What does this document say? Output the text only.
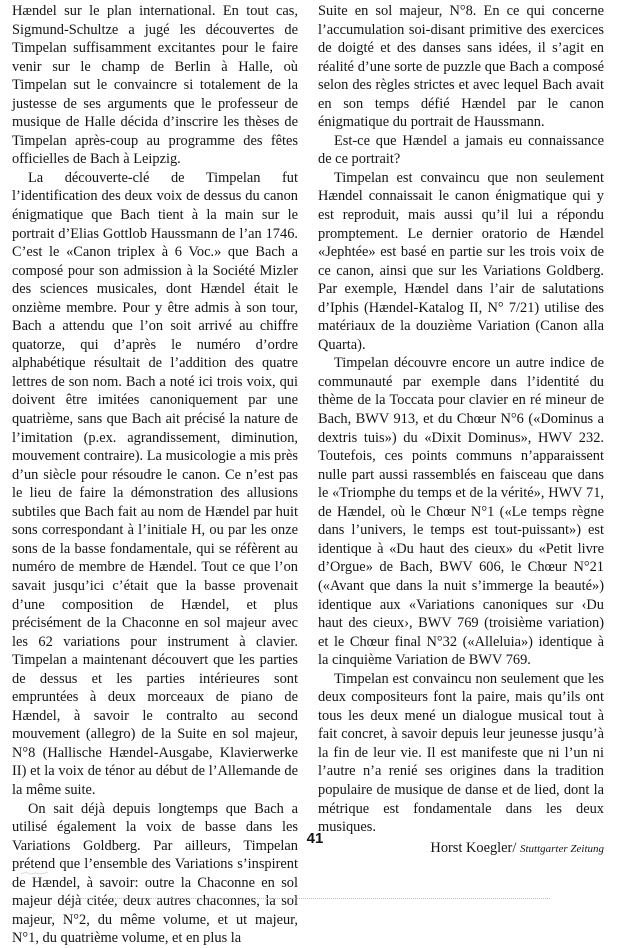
Hændel sur le plan international. En tout cas, Sigmund-Schultze a jugé les découvertes de Timpelan suffisamment excitantes pour le faire venir sur le champ de Berlin à Halle, où Timpelan sut le convaincre si totalement de la justesse de ses arguments que le professeur de musique de Halle décida d’inscrire les thèses de Timpelan après-coup au programme des fêtes officielles de Bach à Leipzig.

La découverte-clé de Timpelan fut l’identification des deux voix de dessus du canon énigmatique que Bach tient à la main sur le portrait d’Elias Gottlob Haussmann de l’an 1746. C’est le «Canon triplex à 6 Voc.» que Bach a composé pour son admission à la Société Mizler des sciences musicales, dont Hændel était le onzième membre. Pour y être admis à son tour, Bach a attendu que l’on soit arrivé au chiffre quatorze, qui d’après le numéro d’ordre alphabétique résultait de l’addition des quatre lettres de son nom. Bach a noté ici trois voix, qui doivent être imitées canoniquement par une quatrième, sans que Bach ait précisé la nature de l’imitation (p.ex. agrandissement, diminution, mouvement contraire). La musicologie a mis près d’un siècle pour résoudre le canon. Ce n’est pas le lieu de faire la démonstration des allusions subtiles que Bach fait au nom de Hændel par huit sons correspondant à l’initiale H, ou par les onze sons de la basse fondamentale, qui se réfèrent au numéro de membre de Hændel. Tout ce que l’on savait jusqu’ici c’était que la basse provenait d’une composition de Hændel, et plus précisément de la Chaconne en sol majeur avec les 62 variations pour instrument à clavier. Timpelan a maintenant découvert que les parties de dessus et les parties intérieures sont empruntées à deux morceaux de piano de Hændel, à savoir le contralto au second mouvement (allegro) de la Suite en sol majeur, N°8 (Hallische Hændel-Ausgabe, Klavierwerke II) et la voix de ténor au début de l’Allemande de la même suite.

On sait déjà depuis longtemps que Bach a utilisé également la voix de basse dans les Variations Goldberg. Par ailleurs, Timpelan prétend que l’ensemble des Variations s’inspirent de Hændel, à savoir: outre la Chaconne en sol majeur déjà citée, deux autres chaconnes, la sol majeur, N°2, du même volume, et ut majeur, N°1, du quatrième volume, et en plus la

Suite en sol majeur, N°8. En ce qui concerne l’accumulation soi-disant primitive des exercices de doigté et des danses sans idées, il s’agit en réalité d’une sorte de puzzle que Bach a composé selon des règles strictes et avec lequel Bach avait en son temps défié Hændel par le canon énigmatique du portrait de Haussmann.

Est-ce que Hændel a jamais eu connaissance de ce portrait?

Timpelan est convaincu que non seulement Hændel connaissait le canon énigmatique qui y est reproduit, mais aussi qu’il lui a répondu promptement. Le dernier oratorio de Hændel «Jephtée» est basé en partie sur les trois voix de ce canon, ainsi que sur les Variations Goldberg. Par exemple, Hændel dans l’air de salutations d’Iphis (Hændel-Katalog II, N° 7/21) utilise des matériaux de la douzième Variation (Canon alla Quarta).

Timpelan découvre encore un autre indice de communauté par exemple dans l’identité du thème de la Toccata pour clavier en ré mineur de Bach, BWV 913, et du Chœur N°6 («Dominus a dextris tuis») du «Dixit Dominus», HWV 232. Toutefois, ces points communs n’apparaissent nulle part aussi rassemblés en faisceau que dans le «Triomphe du temps et de la vérité», HWV 71, de Hændel, où le Chœur N°1 («Le temps règne dans l’univers, le temps est tout-puissant») est identique à «Du haut des cieux» du «Petit livre d’Orgue» de Bach, BWV 606, le Chœur N°21 («Avant que dans la nuit s’immerge la beauté») identique aux «Variations canoniques sur ‹Du haut des cieux›, BWV 769 (troisième variation) et le Chœur final N°32 («Alleluia») identique à la cinquième Variation de BWV 769.

Timpelan est convaincu non seulement que les deux compositeurs font la paire, mais qu’ils ont tous les deux mené un dialogue musical tout à fait concret, à savoir depuis leur jeunesse jusqu’à la fin de leur vie. Il est manifeste que ni l’un ni l’autre n’a renié ses origines dans la tradition populaire de musique de danse et de lied, dont la métrique est fondamentale dans les deux musiques.

Horst Koegler/ Stuttgarter Zeitung
41
